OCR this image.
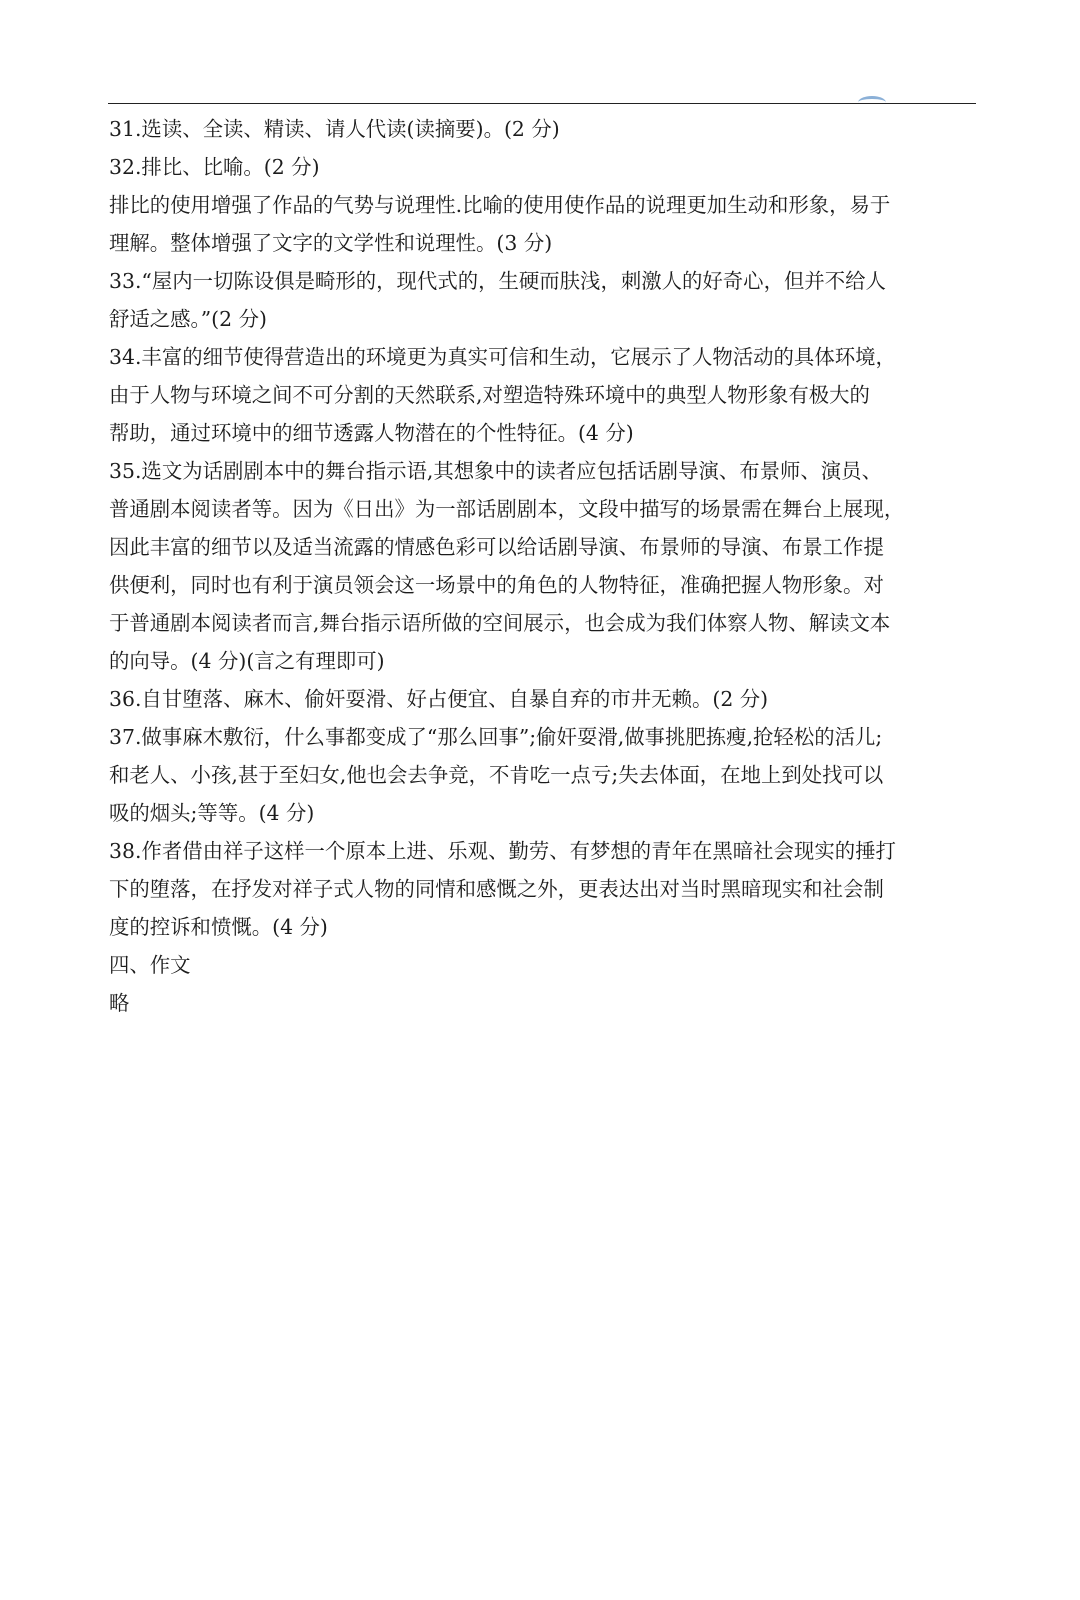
31.选读、全读、精读、请人代读(读摘要)。(2 分)

32.排比、比喻。(2 分)

排比的使用增强了作品的气势与说理性.比喻的使用使作品的说理更加生动和形象，易于

理解。整体增强了文字的文学性和说理性。(3 分)

33.“屋内一切陈设俱是畸形的，现代式的，生硬而肤浅，刺激人的好奇心，但并不给人

舒适之感。”(2 分)

34.丰富的细节使得营造出的环境更为真实可信和生动，它展示了人物活动的具体环境，

由于人物与环境之间不可分割的天然联系,对塑造特殊环境中的典型人物形象有极大的

帮助，通过环境中的细节透露人物潜在的个性特征。(4 分)

35.选文为话剧剧本中的舞台指示语,其想象中的读者应包括话剧导演、布景师、演员、

普通剧本阅读者等。因为《日出》为一部话剧剧本，文段中描写的场景需在舞台上展现，

因此丰富的细节以及适当流露的情感色彩可以给话剧导演、布景师的导演、布景工作提

供便利，同时也有利于演员领会这一场景中的角色的人物特征，准确把握人物形象。对

于普通剧本阅读者而言,舞台指示语所做的空间展示，也会成为我们体察人物、解读文本

的向导。(4 分)(言之有理即可)

36.自甘堕落、麻木、偷奸耍滑、好占便宜、自暴自弃的市井无赖。(2 分)

37.做事麻木敷衍，什么事都变成了“那么回事”;偷奸耍滑,做事挑肥拣瘦,抢轻松的活儿;

和老人、小孩,甚于至妇女,他也会去争竞，不肯吃一点亏;失去体面，在地上到处找可以

吸的烟头;等等。(4 分)

38.作者借由祥子这样一个原本上进、乐观、勤劳、有梦想的青年在黑暗社会现实的捶打

下的堕落，在抒发对祥子式人物的同情和感慨之外，更表达出对当时黑暗现实和社会制

度的控诉和愤慨。(4 分)

四、作文

略
